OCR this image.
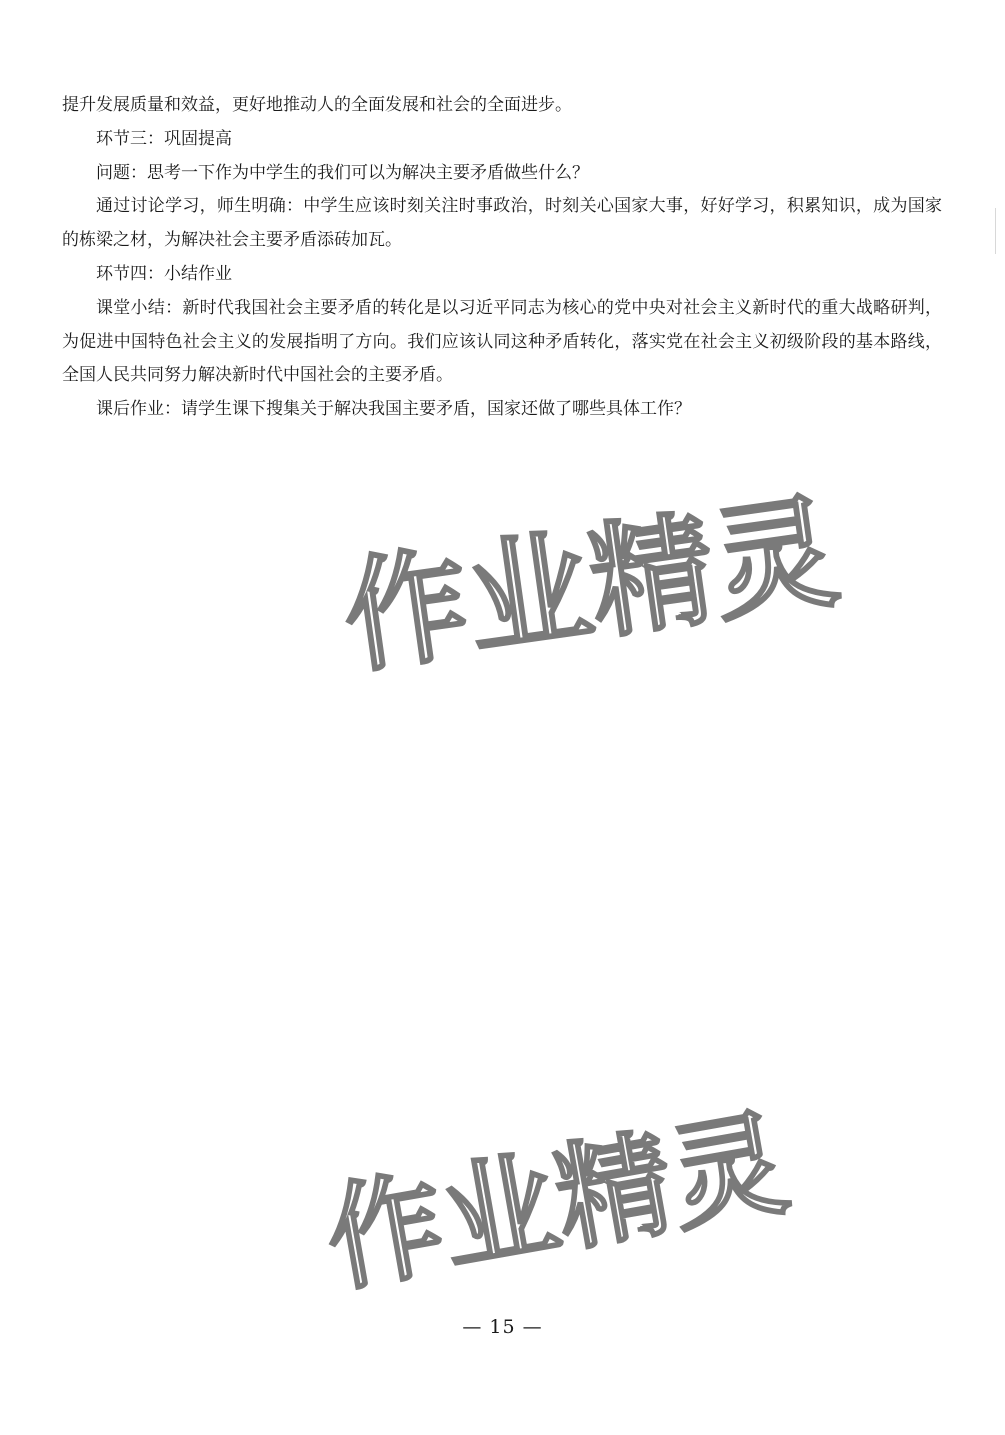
提升发展质量和效益，更好地推动人的全面发展和社会的全面进步。

环节三：巩固提高

问题：思考一下作为中学生的我们可以为解决主要矛盾做些什么？

通过讨论学习，师生明确：中学生应该时刻关注时事政治，时刻关心国家大事，好好学习，积累知识，成为国家的栋梁之材，为解决社会主要矛盾添砖加瓦。

环节四：小结作业

课堂小结：新时代我国社会主要矛盾的转化是以习近平同志为核心的党中央对社会主义新时代的重大战略研判，为促进中国特色社会主义的发展指明了方向。我们应该认同这种矛盾转化，落实党在社会主义初级阶段的基本路线，全国人民共同努力解决新时代中国社会的主要矛盾。

课后作业：请学生课下搜集关于解决我国主要矛盾，国家还做了哪些具体工作？

作业精灵
作业精灵
— 15 —
